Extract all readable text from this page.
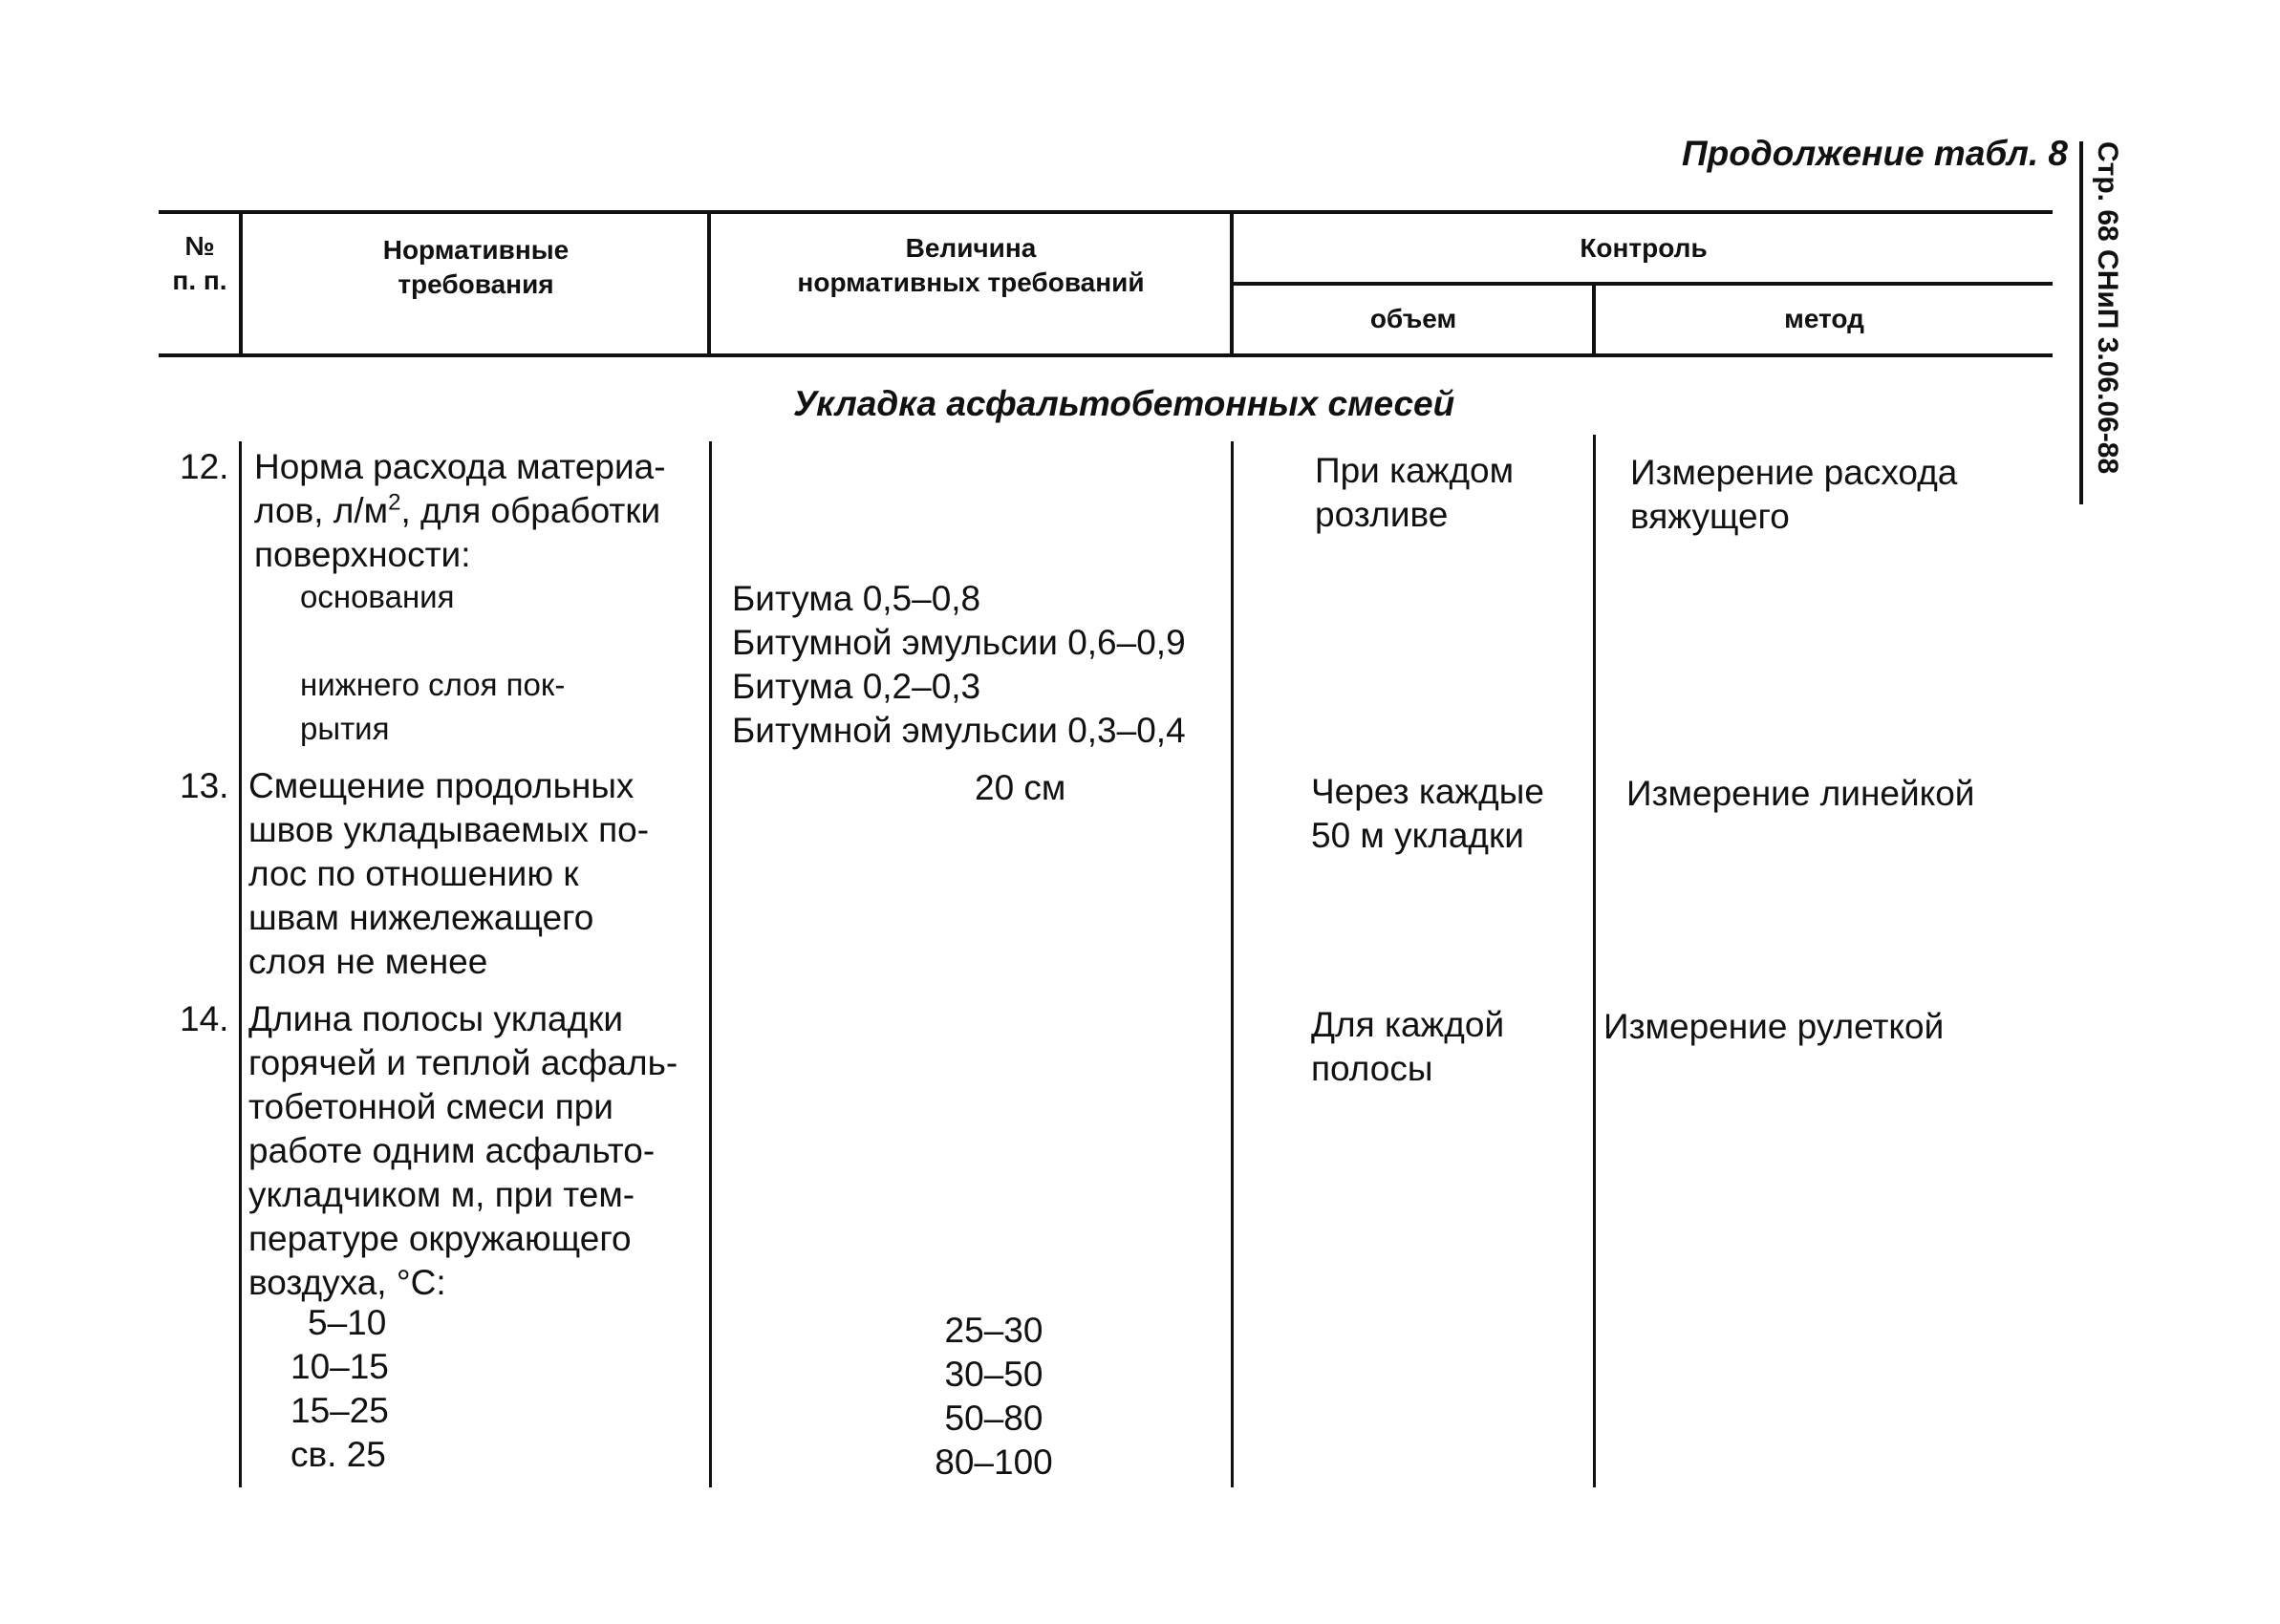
Продолжение табл. 8 Стр. 68 СНиП 3.06.06-88
№
п. п.
Нормативные
требования
Величина
нормативных требований
Контроль
объем	метод
Укладка асфальтобетонных смесей
12. Норма расхода материа-
лов, $л/м^2$, для обработки
поверхности:
основания
нижнего слоя пок-
рытия
Битума 0,5–0,8
Битумной эмульсии 0,6–0,9
Битума 0,2–0,3
Битумной эмульсии 0,3–0,4
При каждом
розливе
Измерение расхода
вяжущего
13. Смещение продольных
швов укладываемых по-
лос по отношению к
швам нижележащего
слоя не менее
20 см	Через каждые
50 м укладки
Измерение линейкой
14. Длина полосы укладки
горячей и теплой асфаль-
тобетонной смеси при
работе одним асфальто-
укладчиком м, при тем-
пературе окружающего
воздуха, °С:
5–10
10–15
15–25
св. 25
25–30
30–50
50–80
80–100
Для каждой
полосы
Измерение рулеткой
